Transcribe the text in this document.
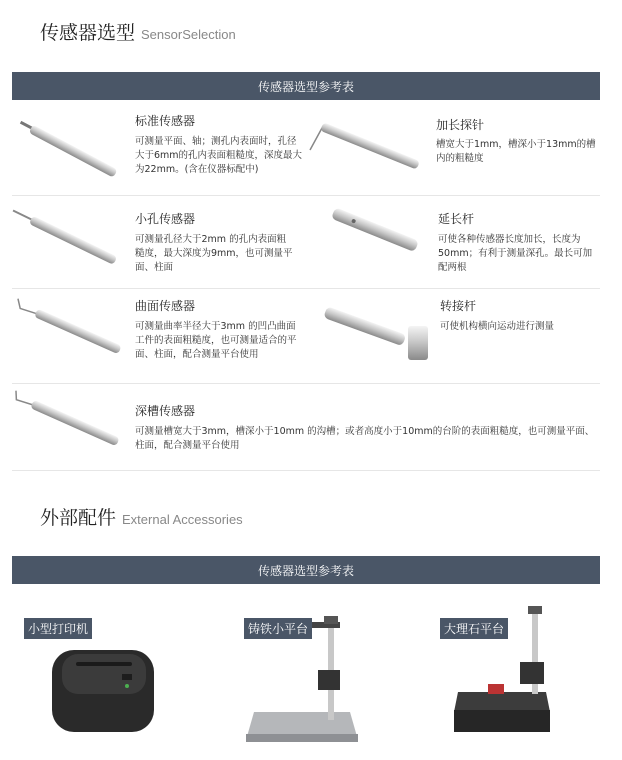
传感器选型 SensorSelection
传感器选型参考表
标准传感器
可测量平面、轴；测孔内表面时，孔径大于6mm的孔内表面粗糙度，深度最大为22mm。(含在仪器标配中)
加长探针
槽宽大于1mm，槽深小于13mm的槽内的粗糙度
小孔传感器
可测量孔径大于2mm 的孔内表面粗糙度，最大深度为9mm，也可测量平面、柱面
延长杆
可使各种传感器长度加长，长度为50mm；有利于测量深孔。最长可加配两根
曲面传感器
可测量曲率半径大于3mm 的凹凸曲面工件的表面粗糙度，也可测量适合的平面、柱面，配合测量平台使用
转接杆
可使机构横向运动进行测量
深槽传感器
可测量槽宽大于3mm，槽深小于10mm 的沟槽；或者高度小于10mm的台阶的表面粗糙度，也可测量平面、柱面，配合测量平台使用
外部配件 External Accessories
传感器选型参考表
小型打印机	铸铁小平台	大理石平台
